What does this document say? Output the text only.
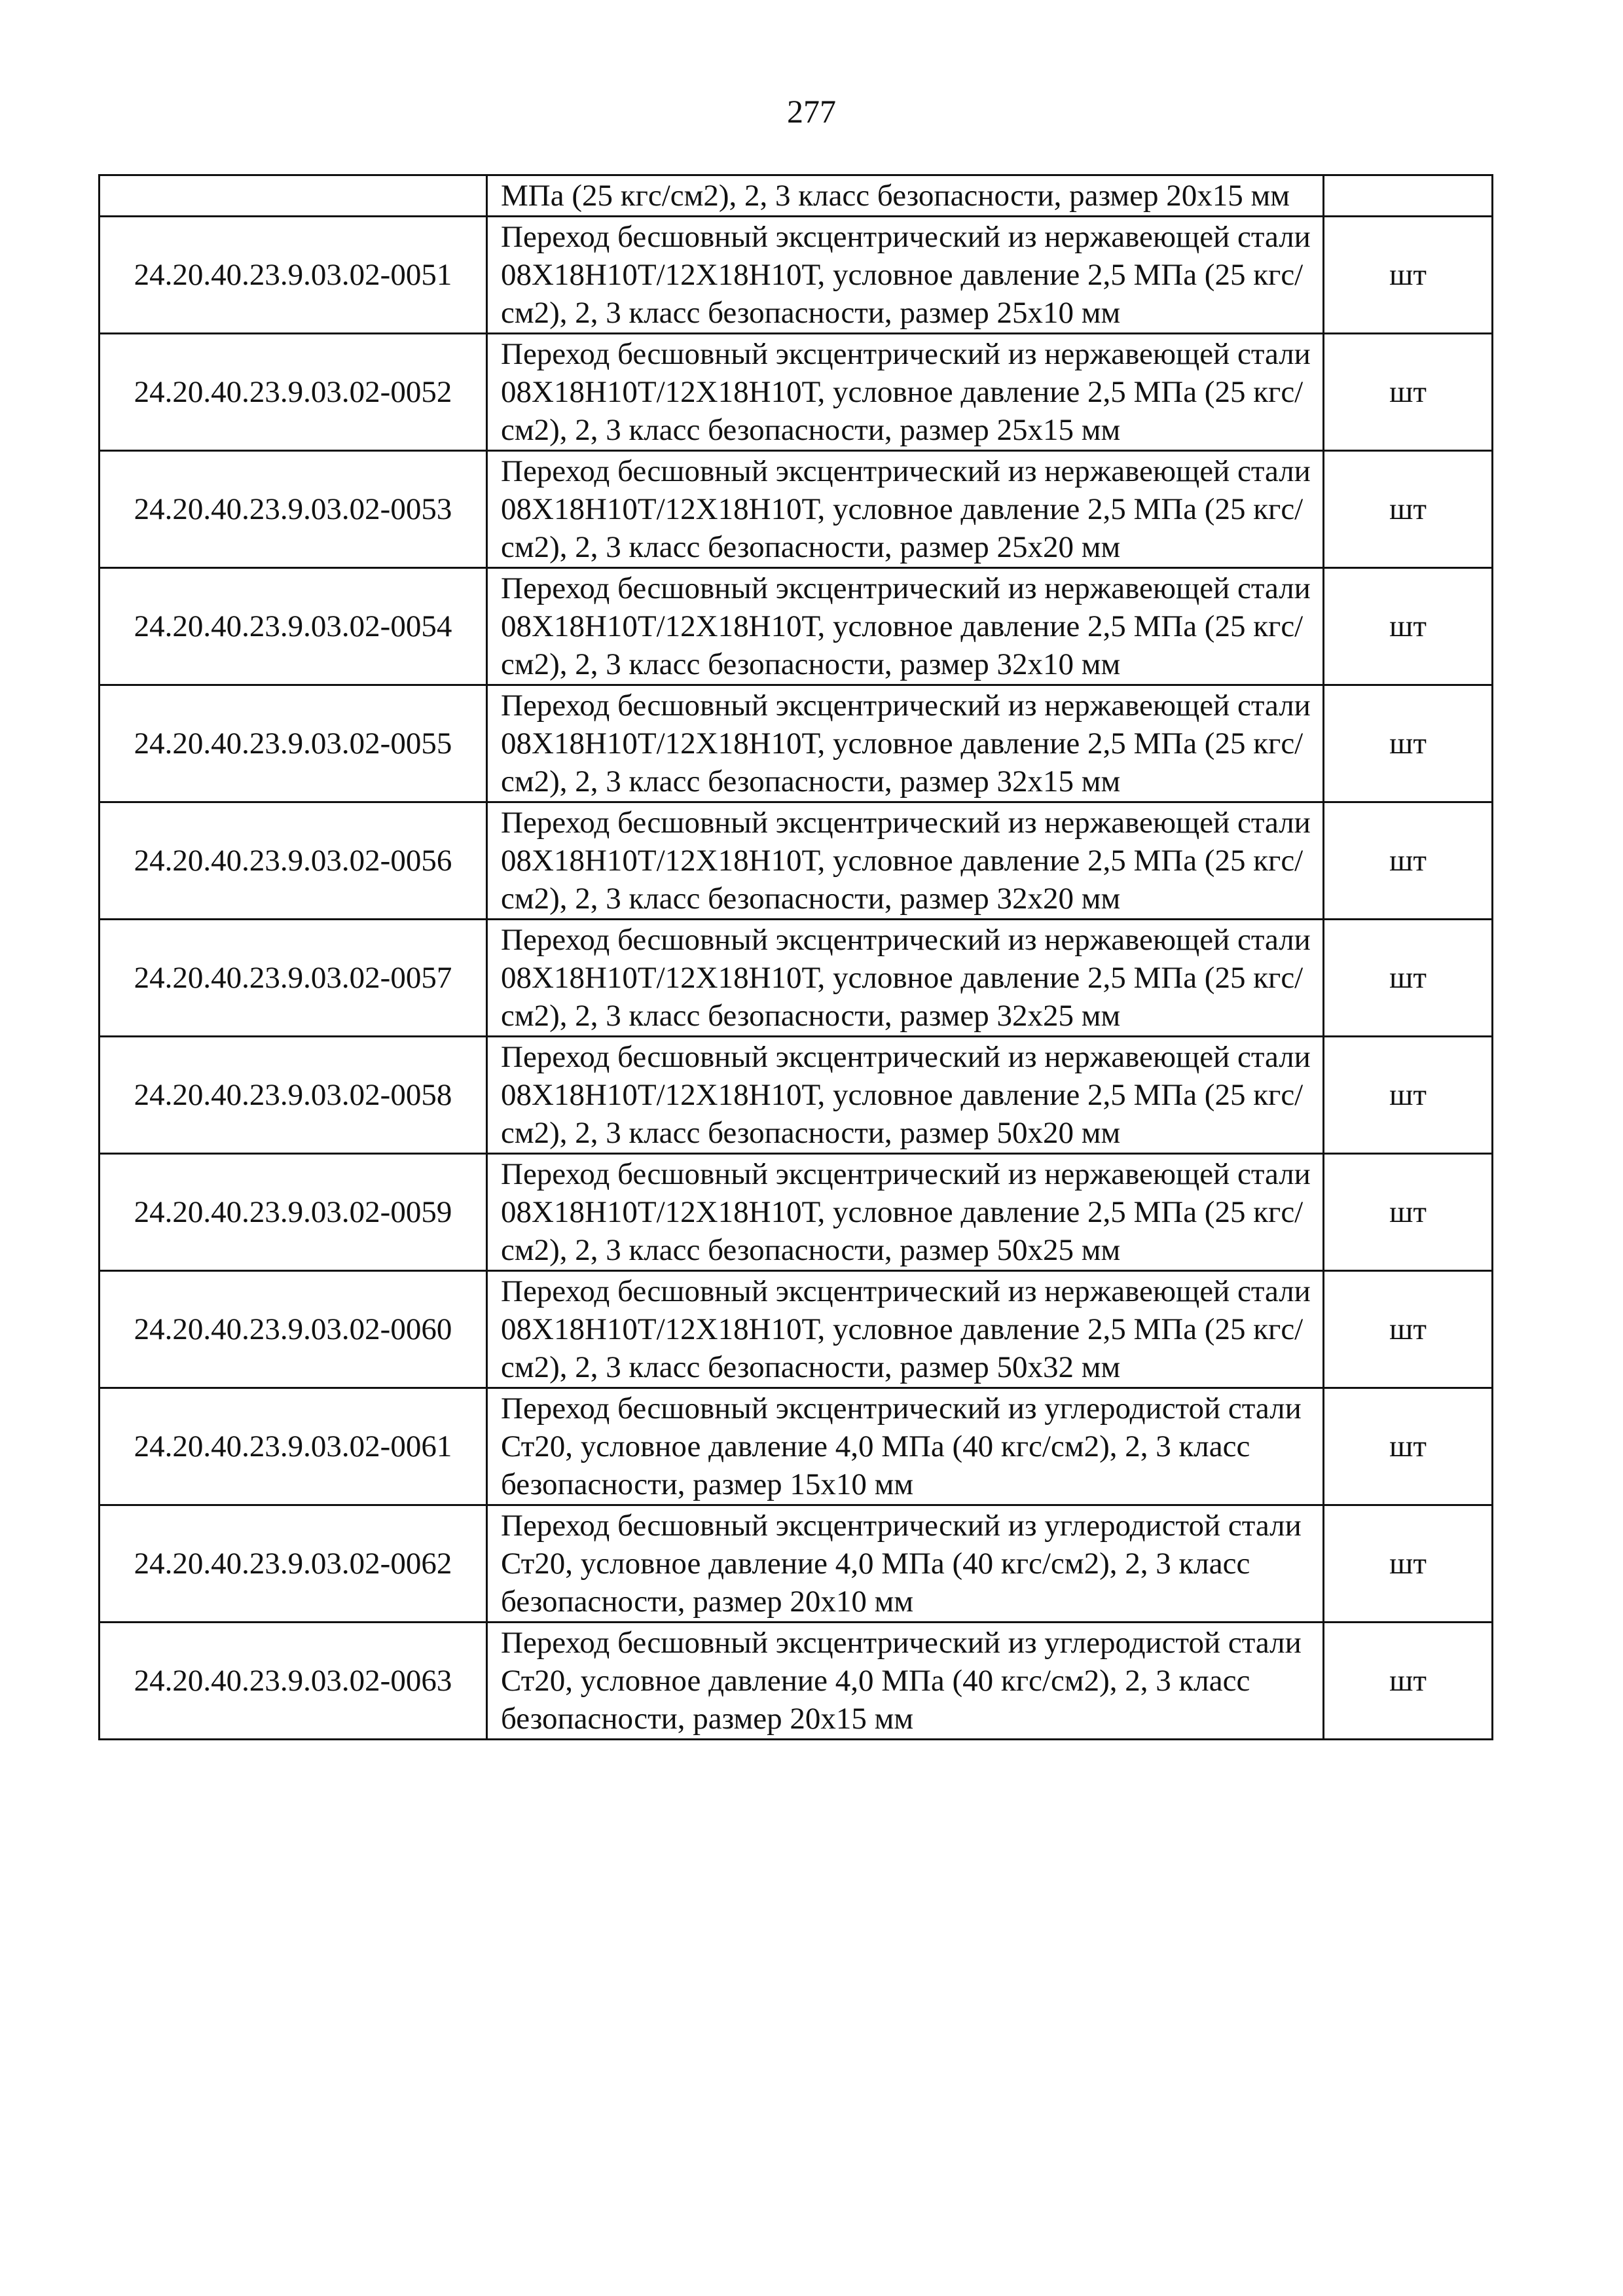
277
	МПа (25 кгс/см2), 2, 3 класс безопасности, размер 20х15 мм	
24.20.40.23.9.03.02-0051	Переход бесшовный эксцентрический из нержавеющей стали 08Х18Н10Т/12Х18Н10Т, условное давление 2,5 МПа (25 кгс/см2), 2, 3 класс безопасности, размер 25х10 мм	шт
24.20.40.23.9.03.02-0052	Переход бесшовный эксцентрический из нержавеющей стали 08Х18Н10Т/12Х18Н10Т, условное давление 2,5 МПа (25 кгс/см2), 2, 3 класс безопасности, размер 25х15 мм	шт
24.20.40.23.9.03.02-0053	Переход бесшовный эксцентрический из нержавеющей стали 08Х18Н10Т/12Х18Н10Т, условное давление 2,5 МПа (25 кгс/см2), 2, 3 класс безопасности, размер 25х20 мм	шт
24.20.40.23.9.03.02-0054	Переход бесшовный эксцентрический из нержавеющей стали 08Х18Н10Т/12Х18Н10Т, условное давление 2,5 МПа (25 кгс/см2), 2, 3 класс безопасности, размер 32х10 мм	шт
24.20.40.23.9.03.02-0055	Переход бесшовный эксцентрический из нержавеющей стали 08Х18Н10Т/12Х18Н10Т, условное давление 2,5 МПа (25 кгс/см2), 2, 3 класс безопасности, размер 32х15 мм	шт
24.20.40.23.9.03.02-0056	Переход бесшовный эксцентрический из нержавеющей стали 08Х18Н10Т/12Х18Н10Т, условное давление 2,5 МПа (25 кгс/см2), 2, 3 класс безопасности, размер 32х20 мм	шт
24.20.40.23.9.03.02-0057	Переход бесшовный эксцентрический из нержавеющей стали 08Х18Н10Т/12Х18Н10Т, условное давление 2,5 МПа (25 кгс/см2), 2, 3 класс безопасности, размер 32х25 мм	шт
24.20.40.23.9.03.02-0058	Переход бесшовный эксцентрический из нержавеющей стали 08Х18Н10Т/12Х18Н10Т, условное давление 2,5 МПа (25 кгс/см2), 2, 3 класс безопасности, размер 50х20 мм	шт
24.20.40.23.9.03.02-0059	Переход бесшовный эксцентрический из нержавеющей стали 08Х18Н10Т/12Х18Н10Т, условное давление 2,5 МПа (25 кгс/см2), 2, 3 класс безопасности, размер 50х25 мм	шт
24.20.40.23.9.03.02-0060	Переход бесшовный эксцентрический из нержавеющей стали 08Х18Н10Т/12Х18Н10Т, условное давление 2,5 МПа (25 кгс/см2), 2, 3 класс безопасности, размер 50х32 мм	шт
24.20.40.23.9.03.02-0061	Переход бесшовный эксцентрический из углеродистой стали Ст20, условное давление 4,0 МПа (40 кгс/см2), 2, 3 класс безопасности, размер 15х10 мм	шт
24.20.40.23.9.03.02-0062	Переход бесшовный эксцентрический из углеродистой стали Ст20, условное давление 4,0 МПа (40 кгс/см2), 2, 3 класс безопасности, размер 20х10 мм	шт
24.20.40.23.9.03.02-0063	Переход бесшовный эксцентрический из углеродистой стали Ст20, условное давление 4,0 МПа (40 кгс/см2), 2, 3 класс безопасности, размер 20х15 мм	шт
